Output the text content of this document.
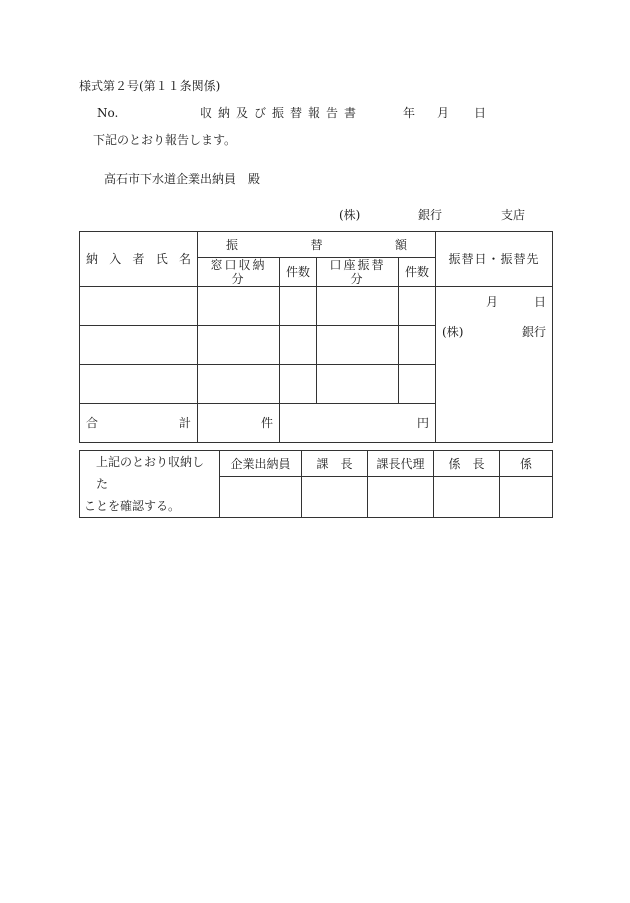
様式第２号(第１１条関係)
No.	収納及び振替報告書	年 月 日
下記のとおり報告します。
高石市下水道企業出納員　殿
(株)	銀行	支店
納 入 者 氏 名	振 替 額				振替日・振替先
	窓口収納分	件数	口座振替分	件数	

					月 日
(株) 銀行

合 計	件	円			
上記のとおり収納した
ことを確認する。	企業出納員	課　長	課長代理	係　長	係
